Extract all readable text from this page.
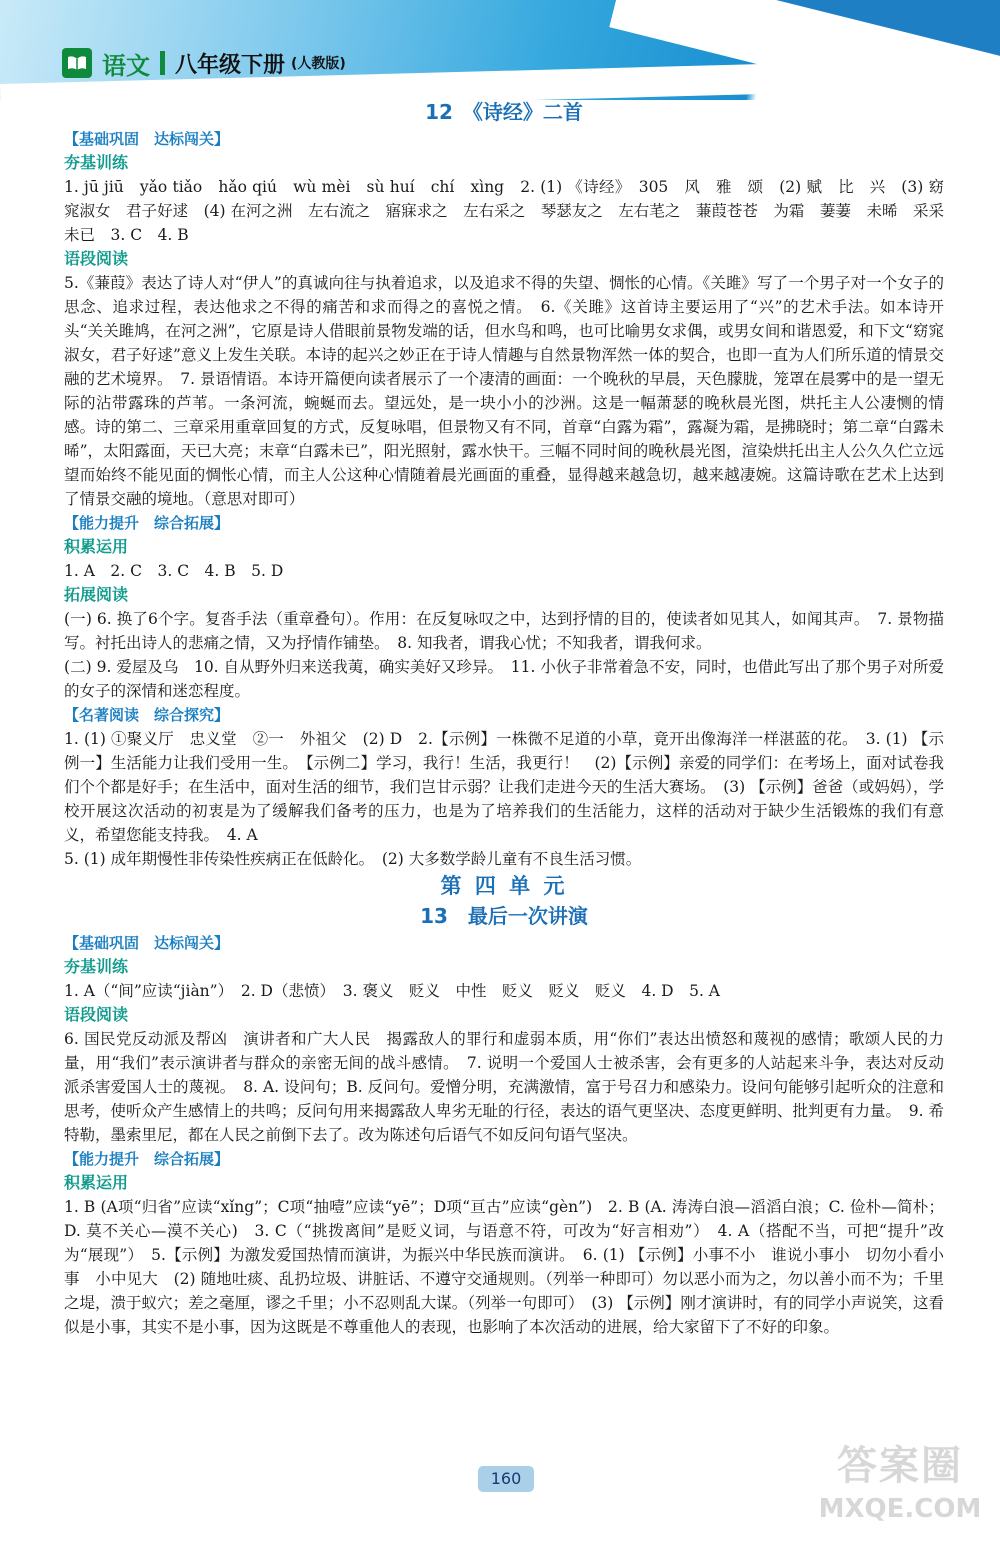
语文 八年级下册 (人教版)
12　《诗经》二首
【基础巩固　达标闯关】
夯基训练

1. jū jiū　yǎo tiǎo　hǎo qiú　wù mèi　sù huí　chí　xìng　2. (1) 《诗经》　305　风　雅　颂　(2) 赋　比　兴　(3) 窈窕淑女　君子好逑　(4) 在河之洲　左右流之　寤寐求之　左右采之　琴瑟友之　左右芼之　蒹葭苍苍　为霜　萋萋　未晞　采采　未已　3. C　4. B

语段阅读

5.《蒹葭》表达了诗人对“伊人”的真诚向往与执着追求，以及追求不得的失望、惆怅的心情。《关雎》写了一个男子对一个女子的思念、追求过程，表达他求之不得的痛苦和求而得之的喜悦之情。　6.《关雎》这首诗主要运用了“兴”的艺术手法。如本诗开头“关关雎鸠，在河之洲”，它原是诗人借眼前景物发端的话，但水鸟和鸣，也可比喻男女求偶，或男女间和谐恩爱，和下文“窈窕淑女，君子好逑”意义上发生关联。本诗的起兴之妙正在于诗人情趣与自然景物浑然一体的契合，也即一直为人们所乐道的情景交融的艺术境界。　7. 景语情语。本诗开篇便向读者展示了一个凄清的画面：一个晚秋的早晨，天色朦胧，笼罩在晨雾中的是一望无际的沾带露珠的芦苇。一条河流，蜿蜒而去。望远处，是一块小小的沙洲。这是一幅萧瑟的晚秋晨光图，烘托主人公凄恻的情感。诗的第二、三章采用重章回复的方式，反复咏唱，但景物又有不同，首章“白露为霜”，露凝为霜，是拂晓时；第二章“白露未晞”，太阳露面，天已大亮；末章“白露未已”，阳光照射，露水快干。三幅不同时间的晚秋晨光图，渲染烘托出主人公久久伫立远望而始终不能见面的惆怅心情，而主人公这种心情随着晨光画面的重叠，显得越来越急切，越来越凄婉。这篇诗歌在艺术上达到了情景交融的境地。（意思对即可）

【能力提升　综合拓展】
积累运用

1. A　2. C　3. C　4. B　5. D

拓展阅读

(一) 6. 换了6个字。复沓手法（重章叠句）。作用：在反复咏叹之中，达到抒情的目的，使读者如见其人，如闻其声。　7. 景物描写。衬托出诗人的悲痛之情，又为抒情作铺垫。　8. 知我者，谓我心忧；不知我者，谓我何求。

(二) 9. 爱屋及乌　10. 自从野外归来送我荑，确实美好又珍异。　11. 小伙子非常着急不安，同时，也借此写出了那个男子对所爱的女子的深情和迷恋程度。

【名著阅读　综合探究】

1. (1) ①聚义厅　忠义堂　②一　外祖父　(2) D　2.【示例】一株微不足道的小草，竟开出像海洋一样湛蓝的花。　3. (1) 【示例一】生活能力让我们受用一生。　【示例二】学习，我行！生活，我更行！　(2)【示例】亲爱的同学们：在考场上，面对试卷我们个个都是好手；在生活中，面对生活的细节，我们岂甘示弱？让我们走进今天的生活大赛场。　(3) 【示例】爸爸（或妈妈），学校开展这次活动的初衷是为了缓解我们备考的压力，也是为了培养我们的生活能力，这样的活动对于缺少生活锻炼的我们有意义，希望您能支持我。　4. A

5. (1) 成年期慢性非传染性疾病正在低龄化。　(2) 大多数学龄儿童有不良生活习惯。

第 四 单 元
13　最后一次讲演
【基础巩固　达标闯关】
夯基训练

1. A（“间”应读“jiàn”）　2. D（悲愤）　3. 褒义　贬义　中性　贬义　贬义　贬义　4. D　5. A

语段阅读

6. 国民党反动派及帮凶　演讲者和广大人民　揭露敌人的罪行和虚弱本质，用“你们”表达出愤怒和蔑视的感情；歌颂人民的力量，用“我们”表示演讲者与群众的亲密无间的战斗感情。　7. 说明一个爱国人士被杀害，会有更多的人站起来斗争，表达对反动派杀害爱国人士的蔑视。　8. A. 设问句；B. 反问句。爱憎分明，充满激情，富于号召力和感染力。设问句能够引起听众的注意和思考，使听众产生感情上的共鸣；反问句用来揭露敌人卑劣无耻的行径，表达的语气更坚决、态度更鲜明、批判更有力量。　9. 希特勒，墨索里尼，都在人民之前倒下去了。改为陈述句后语气不如反问句语气坚决。

【能力提升　综合拓展】
积累运用

1. B (A项“归省”应读“xǐng”；C项“抽噎”应读“yē”；D项“亘古”应读“gèn”)　2. B (A. 涛涛白浪—滔滔白浪；C. 俭朴—简朴；D. 莫不关心—漠不关心)　3. C（“挑拨离间”是贬义词，与语意不符，可改为“好言相劝”）　4. A（搭配不当，可把“提升”改为“展现”）　5.【示例】为激发爱国热情而演讲，为振兴中华民族而演讲。　6. (1) 【示例】小事不小　谁说小事小　切勿小看小事　小中见大　(2) 随地吐痰、乱扔垃圾、讲脏话、不遵守交通规则。（列举一种即可）勿以恶小而为之，勿以善小而不为；千里之堤，溃于蚁穴；差之毫厘，谬之千里；小不忍则乱大谋。（列举一句即可）　(3) 【示例】刚才演讲时，有的同学小声说笑，这看似是小事，其实不是小事，因为这既是不尊重他人的表现，也影响了本次活动的进展，给大家留下了不好的印象。

160	答案圈
MXQE.COM
